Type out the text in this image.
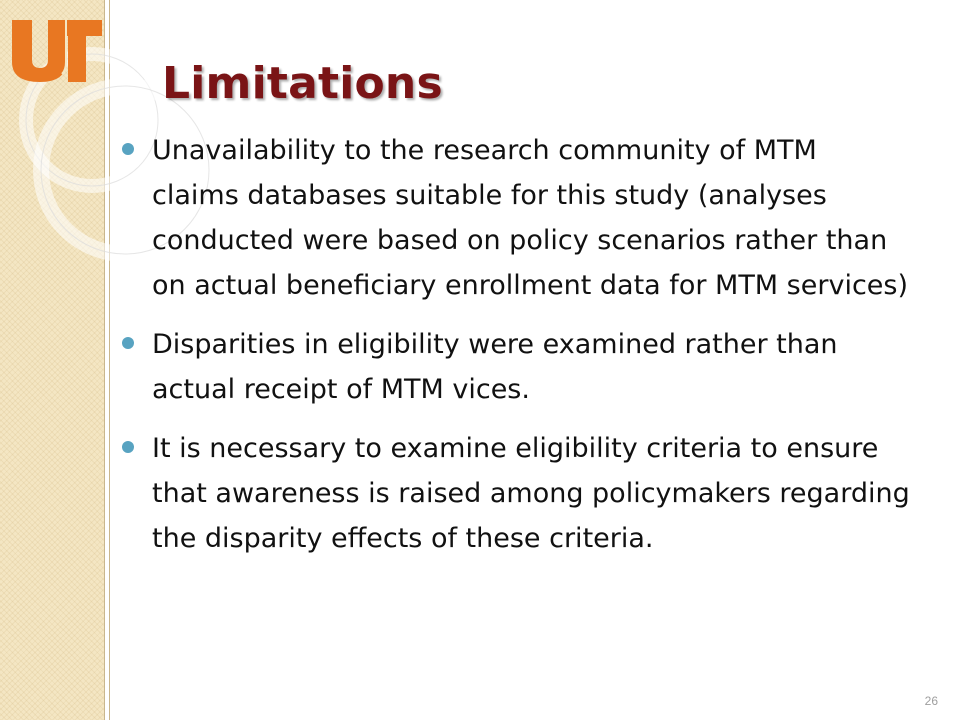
Limitations
Unavailability to the research community of MTM claims databases suitable for this study (analyses conducted were based on policy scenarios rather than on actual beneficiary enrollment data for MTM services)
Disparities in eligibility were examined rather than actual receipt of MTM vices.
It is necessary to examine eligibility criteria to ensure that awareness is raised among policymakers regarding the disparity effects of these criteria.
26
